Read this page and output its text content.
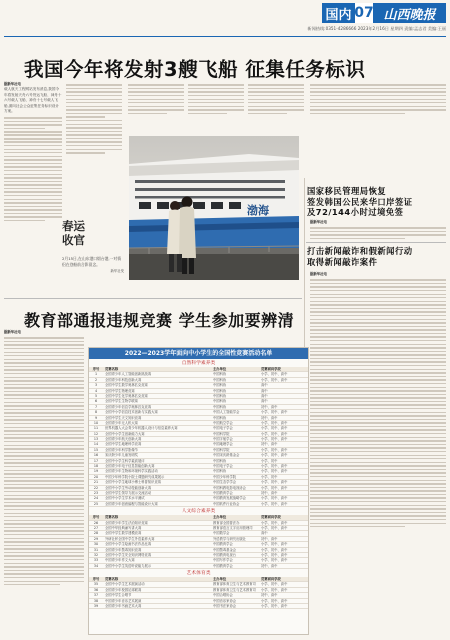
国内 07 山西晚报
新闻热线:0351-4286666 2023年2月16日 星期四 责编:孟志君 美编:王丽
我国今年将发射3艘飞船 征集任务标识
据新华社电
载人航天工程网站发布消息,我国今年将发射天舟六号货运飞船、神舟十六号载人飞船、神舟十七号载人飞船,面向社会公众征集任务标识设计方案。
春运
收官
2月15日,在山东港口烟台港,一对情侣在登船前合影留念。
新华社发
渤海
国家移民管理局恢复
签发韩国公民来华口岸签证
及72/144小时过境免签
据新华社电
打击新闻敲诈和假新闻行动
取得新闻敲诈案件
据新华社电
教育部通报违规竞赛 学生参加要辨清
据新华社电
2022—2023学年面向中小学生的全国性竞赛活动名单
自然科学素养类
序号	竞赛名称	主办单位	竞赛面向学段
1	全国青少年人工智能创新挑战赛	中国科协	小学、初中、高中
2	全国青少年科技创新大赛	中国科协	小学、初中、高中
3	全国中学生数学奥林匹克竞赛	中国科协	高中
4	全国中学生物理竞赛	中国科协	高中
5	全国中学生化学奥林匹克竞赛	中国科协	高中
6	全国中学生生物学联赛	中国科协	高中
7	全国青少年信息学奥林匹克竞赛	中国科协	初中、高中
8	全国中小学信息技术创新与实践大赛	中国人工智能学会	小学、初中、高中
9	全国中学生天文知识竞赛	中国科协	初中、高中
10	全国青少年无人机大赛	中国航空学会	小学、初中、高中
11	世界机器人大会青少年机器人设计与信息素养大赛	中国电子学会	小学、初中、高中
12	全国中小学生创新能力大赛	中国科学院	小学、初中、高中
13	全国青少年航天创新大赛	中国宇航学会	小学、初中、高中
14	全国中学生地理科学竞赛	中国地理学会	初中、高中
15	全国青少年科学影像节	中国科学院	小学、初中、高中
16	宋庆龄少年儿童发明奖	中国宋庆龄基金会	小学、初中、高中
17	全国中小学生科学素质展评	中国科协	小学、初中
18	全国青少年电子信息智能创新大赛	中国电子学会	小学、初中、高中
19	全国青少年生物和环境科学实践活动	中国科协	小学、初中、高中
20	中国少年科学院小院士课题研究成果展示	中国少年科学院	小学、初中
21	全国中小学生地球小博士科普知识竞赛	中国生态学学会	小学、初中、高中
22	全国中小学生劳动技能创新大赛	中国科教电影电视协会	小学、初中、高中
23	全国中学生领导力展示交流活动	中国教育学会	初中、高中
24	全国中小学生学术水平测试	中国教育发展战略学会	小学、初中、高中
25	全国青少年创意编程与智能设计大赛	中国软件行业协会	小学、初中、高中
人文综合素养类
序号	竞赛名称	主办单位	竞赛面向学段
26	全国青少年学生法治知识竞赛	教育部全国普法办	小学、初中、高中
27	全国中华经典诵写讲大赛	教育部语言文字应用管理司	小学、初中、高中
28	全国中学生数学建模竞赛	中国数学会	高中
29	外研社杯全国中学生外语素养大赛	外语教学与研究出版社	初中、高中
30	全国中小学生绘画书法作品比赛	中国教育学会	小学、初中、高中
31	全国青少年禁毒知识竞赛	中国禁毒基金会	小学、初中、高中
32	全国中小学生安全知识网络竞赛	中国教育电视台	小学、初中、高中
33	中国青少年作文大赛	中国写作学会	小学、初中、高中
34	全国中小学生英语听说能力展示	中国教育学会	初中、高中
艺术体育类
序号	竞赛名称	主办单位	竞赛面向学段
35	全国中小学生艺术展演活动	教育部体育卫生与艺术教育司	小学、初中、高中
36	全国青少年校园足球联赛	教育部体育卫生与艺术教育司	小学、初中、高中
37	全国中学生合唱节	中国合唱协会	初中、高中
38	中国青少年音乐艺术展演	中国音乐家协会	小学、初中、高中
39	全国青少年书画艺术大赛	中国书法家协会	小学、初中、高中
